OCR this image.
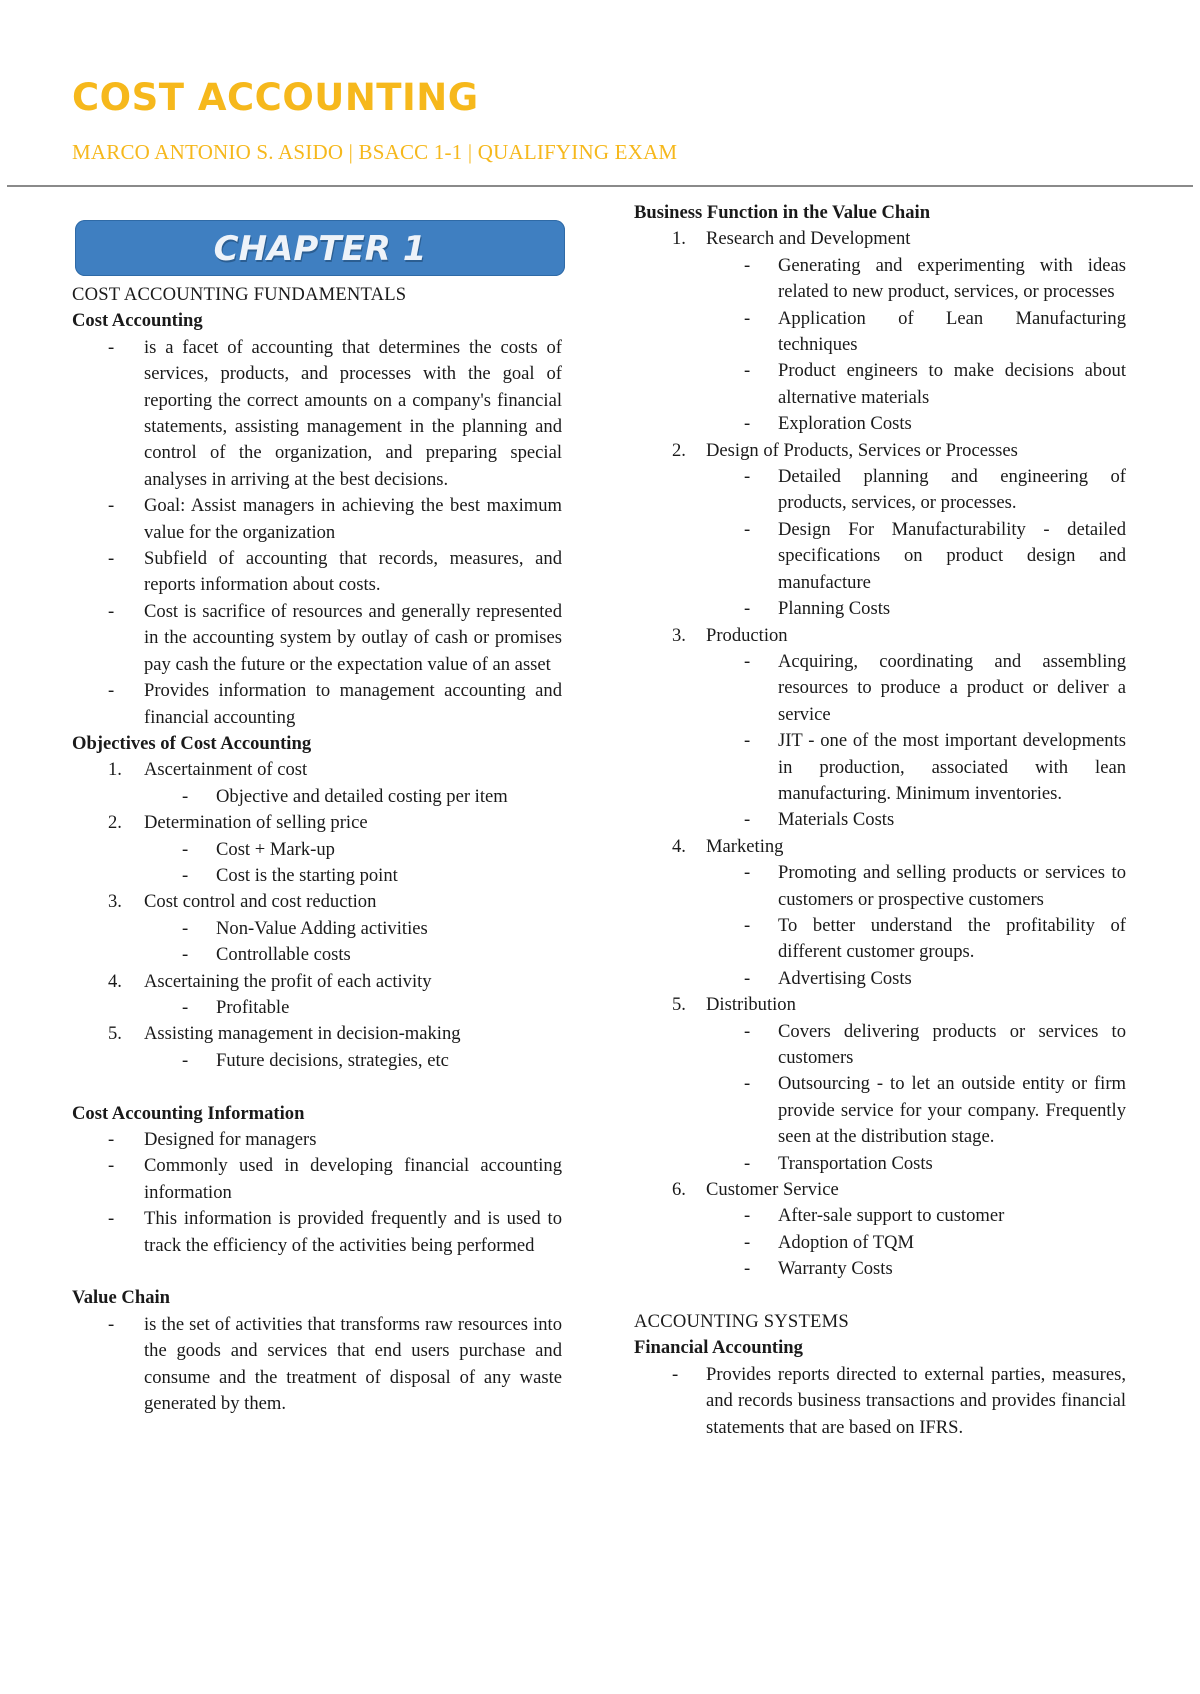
COST ACCOUNTING
MARCO ANTONIO S. ASIDO | BSACC 1-1 | QUALIFYING EXAM
CHAPTER 1
COST ACCOUNTING FUNDAMENTALS
Cost Accounting
- is a facet of accounting that determines the costs of services, products, and processes with the goal of reporting the correct amounts on a company's financial statements, assisting management in the planning and control of the organization, and preparing special analyses in arriving at the best decisions.
- Goal: Assist managers in achieving the best maximum value for the organization
- Subfield of accounting that records, measures, and reports information about costs.
- Cost is sacrifice of resources and generally represented in the accounting system by outlay of cash or promises pay cash the future or the expectation value of an asset
- Provides information to management accounting and financial accounting
Objectives of Cost Accounting
1. Ascertainment of cost
- Objective and detailed costing per item
2. Determination of selling price
- Cost + Mark-up
- Cost is the starting point
3. Cost control and cost reduction
- Non-Value Adding activities
- Controllable costs
4. Ascertaining the profit of each activity
- Profitable
5. Assisting management in decision-making
- Future decisions, strategies, etc
Cost Accounting Information
- Designed for managers
- Commonly used in developing financial accounting information
- This information is provided frequently and is used to track the efficiency of the activities being performed
Value Chain
- is the set of activities that transforms raw resources into the goods and services that end users purchase and consume and the treatment of disposal of any waste generated by them.
Business Function in the Value Chain
1. Research and Development
- Generating and experimenting with ideas related to new product, services, or processes
- Application of Lean Manufacturing techniques
- Product engineers to make decisions about alternative materials
- Exploration Costs
2. Design of Products, Services or Processes
- Detailed planning and engineering of products, services, or processes.
- Design For Manufacturability - detailed specifications on product design and manufacture
- Planning Costs
3. Production
- Acquiring, coordinating and assembling resources to produce a product or deliver a service
- JIT - one of the most important developments in production, associated with lean manufacturing. Minimum inventories.
- Materials Costs
4. Marketing
- Promoting and selling products or services to customers or prospective customers
- To better understand the profitability of different customer groups.
- Advertising Costs
5. Distribution
- Covers delivering products or services to customers
- Outsourcing - to let an outside entity or firm provide service for your company. Frequently seen at the distribution stage.
- Transportation Costs
6. Customer Service
- After-sale support to customer
- Adoption of TQM
- Warranty Costs
ACCOUNTING SYSTEMS
Financial Accounting
- Provides reports directed to external parties, measures, and records business transactions and provides financial statements that are based on IFRS.
